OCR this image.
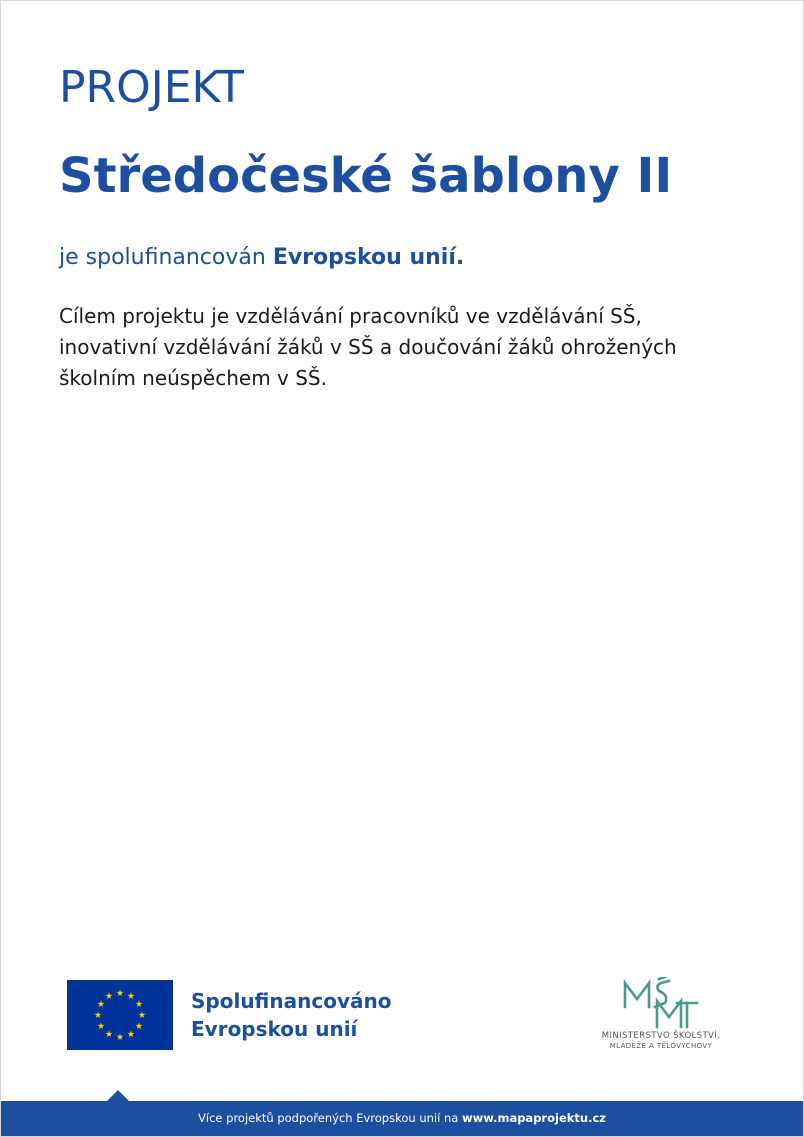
PROJEKT
Středočeské šablony II

je spolufinancován Evropskou unií.

Cílem projektu je vzdělávání pracovníků ve vzdělávání SŠ,
inovativní vzdělávání žáků v SŠ a doučování žáků ohrožených
školním neúspěchem v SŠ.

Spolufinancováno
Evropskou unií	MINISTERSTVO ŠKOLSTVÍ,
MLÁDEŽE A TĚLOVÝCHOVY
Více projektů podpořených Evropskou unií na www.mapaprojektu.cz
